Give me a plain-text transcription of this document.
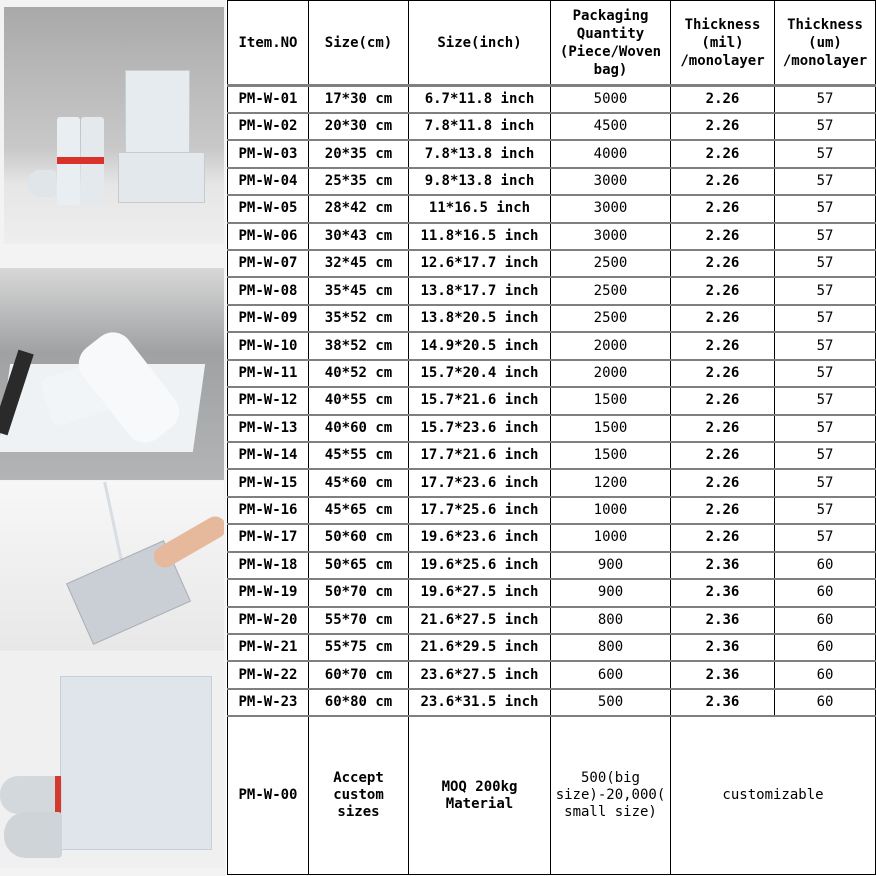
Item.NO	Size(cm)	Size(inch)	Packaging Quantity (Piece/Woven bag)	Thickness (mil) /monolayer	Thickness (um) /monolayer
PM-W-01	17*30 cm	6.7*11.8 inch	5000	2.26	57
PM-W-02	20*30 cm	7.8*11.8 inch	4500	2.26	57
PM-W-03	20*35 cm	7.8*13.8 inch	4000	2.26	57
PM-W-04	25*35 cm	9.8*13.8 inch	3000	2.26	57
PM-W-05	28*42 cm	11*16.5 inch	3000	2.26	57
PM-W-06	30*43 cm	11.8*16.5 inch	3000	2.26	57
PM-W-07	32*45 cm	12.6*17.7 inch	2500	2.26	57
PM-W-08	35*45 cm	13.8*17.7 inch	2500	2.26	57
PM-W-09	35*52 cm	13.8*20.5 inch	2500	2.26	57
PM-W-10	38*52 cm	14.9*20.5 inch	2000	2.26	57
PM-W-11	40*52 cm	15.7*20.4 inch	2000	2.26	57
PM-W-12	40*55 cm	15.7*21.6 inch	1500	2.26	57
PM-W-13	40*60 cm	15.7*23.6 inch	1500	2.26	57
PM-W-14	45*55 cm	17.7*21.6 inch	1500	2.26	57
PM-W-15	45*60 cm	17.7*23.6 inch	1200	2.26	57
PM-W-16	45*65 cm	17.7*25.6 inch	1000	2.26	57
PM-W-17	50*60 cm	19.6*23.6 inch	1000	2.26	57
PM-W-18	50*65 cm	19.6*25.6 inch	900	2.36	60
PM-W-19	50*70 cm	19.6*27.5 inch	900	2.36	60
PM-W-20	55*70 cm	21.6*27.5 inch	800	2.36	60
PM-W-21	55*75 cm	21.6*29.5 inch	800	2.36	60
PM-W-22	60*70 cm	23.6*27.5 inch	600	2.36	60
PM-W-23	60*80 cm	23.6*31.5 inch	500	2.36	60
PM-W-00	Accept custom sizes	MOQ 200kg Material	500(big size)-20,000(small size)	customizable	
